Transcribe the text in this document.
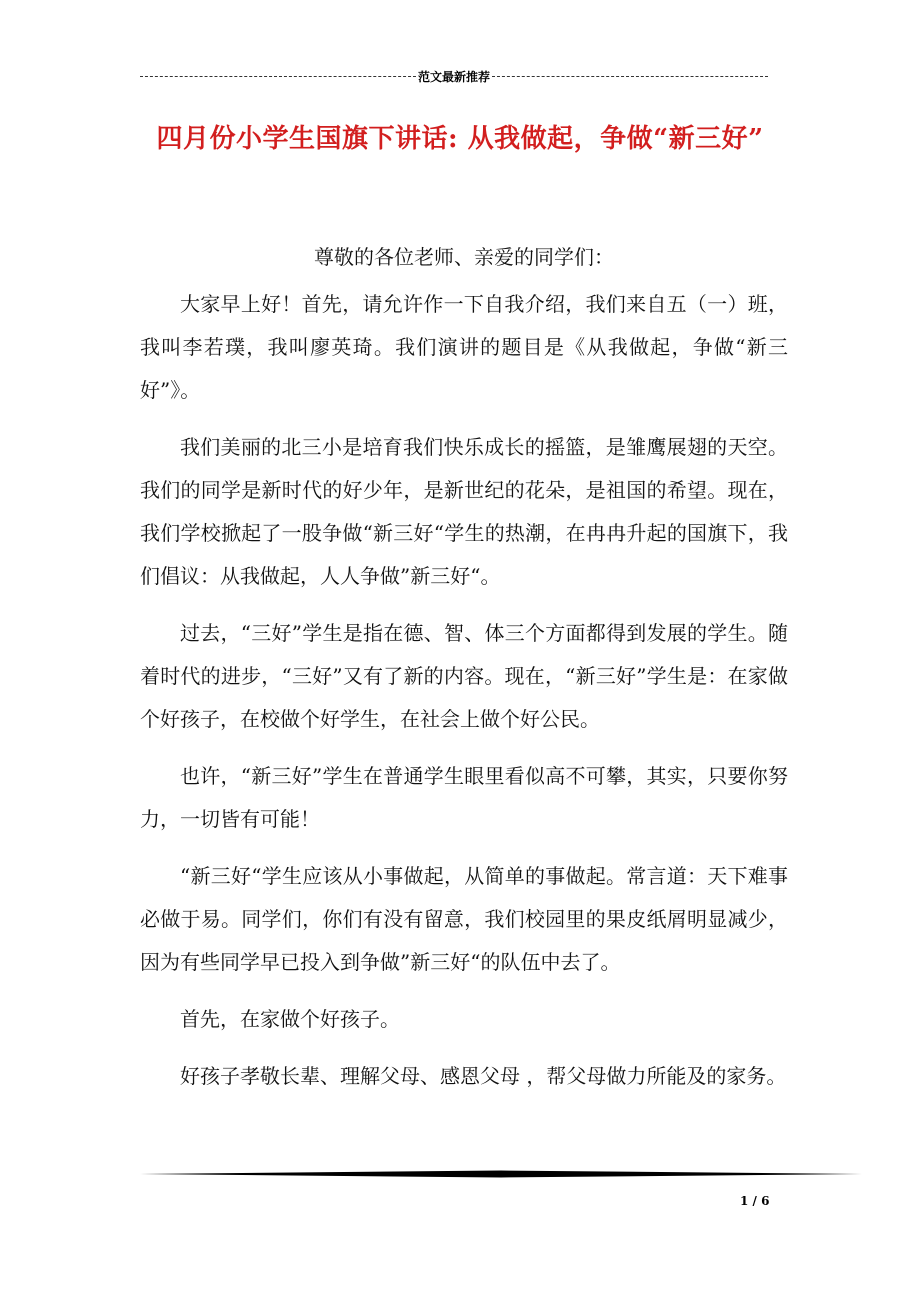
范文最新推荐
四月份小学生国旗下讲话: 从我做起，争做“新三好”
尊敬的各位老师、亲爱的同学们：

大家早上好！首先，请允许作一下自我介绍，我们来自五（一）班，我叫李若璞，我叫廖英琦。我们演讲的题目是《从我做起，争做“新三好”》。

我们美丽的北三小是培育我们快乐成长的摇篮，是雏鹰展翅的天空。我们的同学是新时代的好少年，是新世纪的花朵，是祖国的希望。现在，我们学校掀起了一股争做“新三好“学生的热潮，在冉冉升起的国旗下，我们倡议：从我做起，人人争做”新三好“。

过去，“三好”学生是指在德、智、体三个方面都得到发展的学生。随着时代的进步，“三好”又有了新的内容。现在，“新三好”学生是：在家做个好孩子，在校做个好学生，在社会上做个好公民。

也许，“新三好”学生在普通学生眼里看似高不可攀，其实，只要你努力，一切皆有可能！

“新三好“学生应该从小事做起，从简单的事做起。常言道：天下难事必做于易。同学们，你们有没有留意，我们校园里的果皮纸屑明显减少，因为有些同学早已投入到争做”新三好“的队伍中去了。

首先，在家做个好孩子。

好孩子孝敬长辈、理解父母、感恩父母 ，帮父母做力所能及的家务。

1 / 6
